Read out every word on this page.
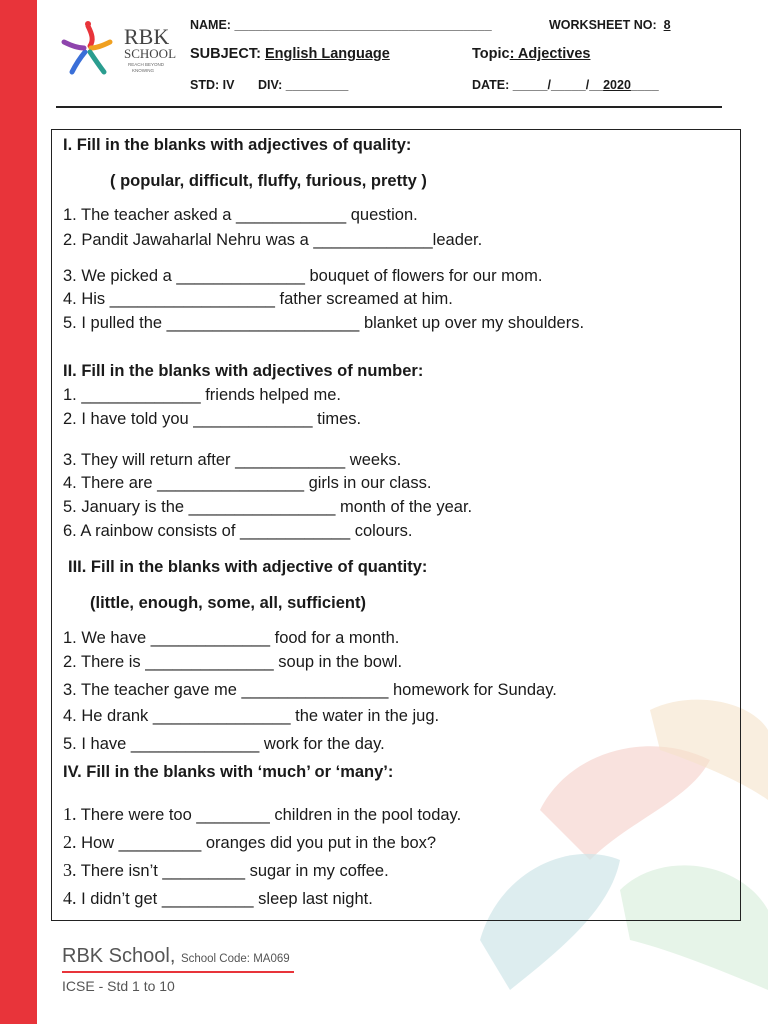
RBK
SCHOOL
REACH BEYOND
KNOWING
NAME: _____________________________________	WORKSHEET NO: 8
SUBJECT: English Language	Topic: Adjectives
STD: IV DIV: _________	DATE: _____/_____/__2020____
I. Fill in the blanks with adjectives of quality:
( popular, difficult, fluffy, furious, pretty )
1. The teacher asked a ____________ question.
2. Pandit Jawaharlal Nehru was a _____________leader.
3. We picked a ______________ bouquet of flowers for our mom.
4. His __________________ father screamed at him.
5. I pulled the _____________________ blanket up over my shoulders.
II. Fill in the blanks with adjectives of number:
1. _____________ friends helped me.
2. I have told you _____________ times.
3. They will return after ____________ weeks.
4. There are ________________ girls in our class.
5. January is the ________________ month of the year.
6. A rainbow consists of ____________ colours.
III. Fill in the blanks with adjective of quantity:
(little, enough, some, all, sufficient)
1. We have _____________ food for a month.
2. There is ______________ soup in the bowl.
3. The teacher gave me ________________ homework for Sunday.
4. He drank _______________ the water in the jug.
5. I have ______________ work for the day.
IV. Fill in the blanks with ‘much’ or ‘many’:
1. There were too ________ children in the pool today.
2. How _________ oranges did you put in the box?
3. There isn’t _________ sugar in my coffee.
4. I didn’t get __________ sleep last night.
RBK School, School Code: MA069
ICSE - Std 1 to 10
